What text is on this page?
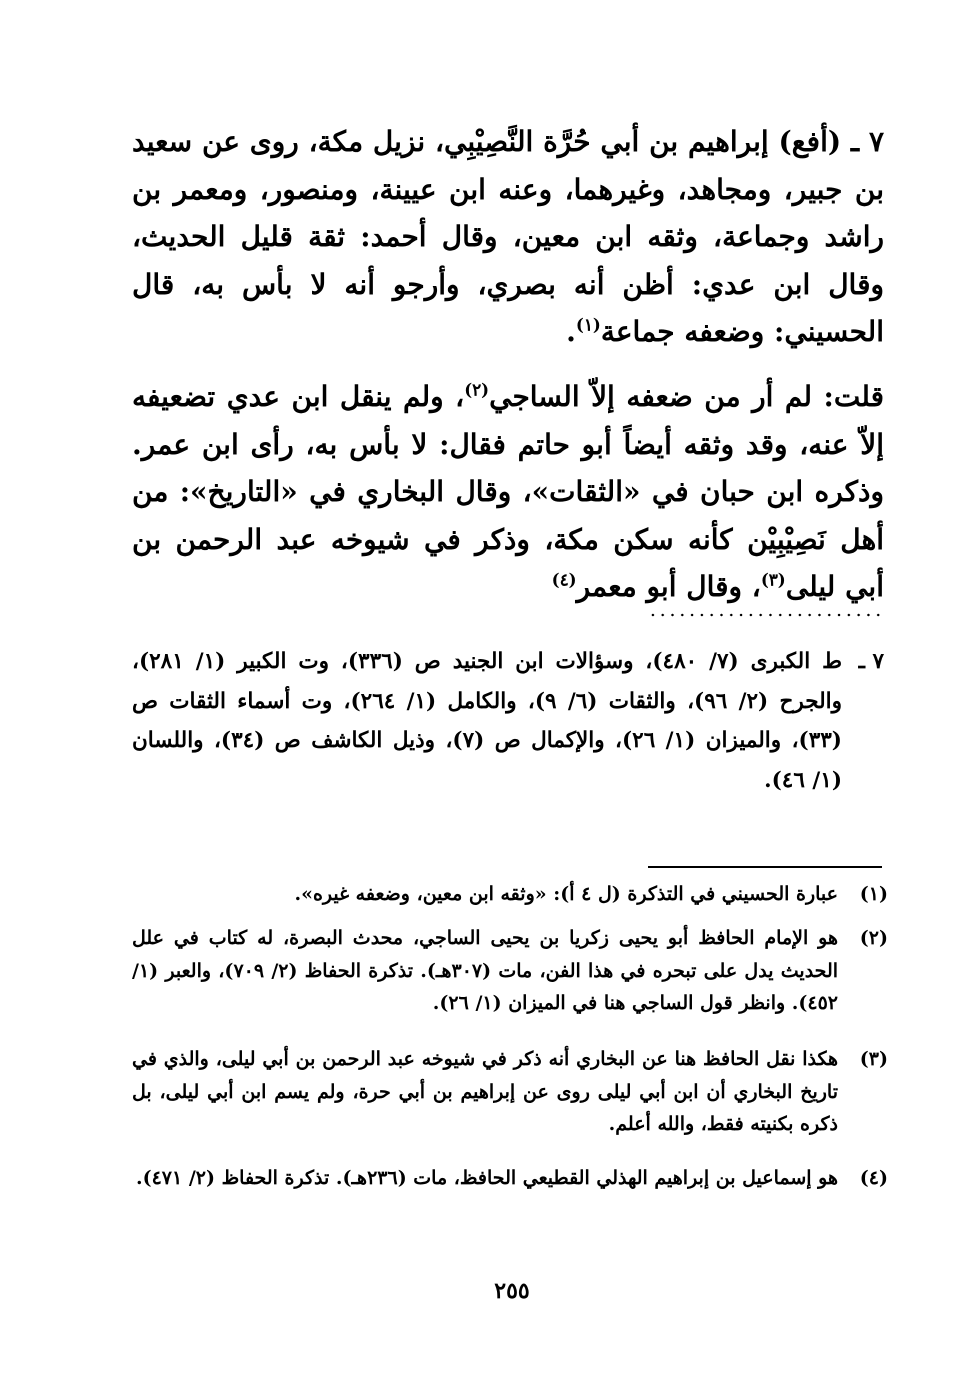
٧ ـ (أفع) إبراهيم بن أبي حُرَّة النَّصِيْبِي، نزيل مكة، روى عن سعيد بن جبير، ومجاهد، وغيرهما، وعنه ابن عيينة، ومنصور، ومعمر بن راشد وجماعة، وثقه ابن معين، وقال أحمد: ثقة قليل الحديث، وقال ابن عدي: أظن أنه بصري، وأرجو أنه لا بأس به، قال الحسيني: وضعفه جماعة$^{(١)}$.

قلت: لم أر من ضعفه إلاّ الساجي$^{(٢)}$، ولم ينقل ابن عدي تضعيفه إلاّ عنه، وقد وثقه أيضاً أبو حاتم فقال: لا بأس به، رأى ابن عمر. وذكره ابن حبان في «الثقات»، وقال البخاري في «التاريخ»: من أهل نَصِيْبِيْن كأنه سكن مكة، وذكر في شيوخه عبد الرحمن بن أبي ليلى$^{(٣)}$، وقال أبو معمر$^{(٤)}$

٧ ـ

ط الكبرى (٧/ ٤٨٠)، وسؤالات ابن الجنيد ص (٣٣٦)، وت الكبير (١/ ٢٨١)، والجرح (٢/ ٩٦)، والثقات (٦/ ٩)، والكامل (١/ ٢٦٤)، وت أسماء الثقات ص (٣٣)، والميزان (١/ ٢٦)، والإكمال ص (٧)، وذيل الكاشف ص (٣٤)، واللسان (١/ ٤٦).

(١)

عبارة الحسيني في التذكرة (ل ٤ أ): «وثقه ابن معين، وضعفه غيره».

(٢)

هو الإمام الحافظ أبو يحيى زكريا بن يحيى الساجي، محدث البصرة، له كتاب في علل الحديث يدل على تبحره في هذا الفن، مات (٣٠٧هـ). تذكرة الحفاظ (٢/ ٧٠٩)، والعبر (١/ ٤٥٢). وانظر قول الساجي هنا في الميزان (١/ ٢٦).

(٣)

هكذا نقل الحافظ هنا عن البخاري أنه ذكر في شيوخه عبد الرحمن بن أبي ليلى، والذي في تاريخ البخاري أن ابن أبي ليلى روى عن إبراهيم بن أبي حرة، ولم يسم ابن أبي ليلى، بل ذكره بكنيته فقط، والله أعلم.

(٤)

هو إسماعيل بن إبراهيم الهذلي القطيعي الحافظ، مات (٢٣٦هـ). تذكرة الحفاظ (٢/ ٤٧١).

٢٥٥
